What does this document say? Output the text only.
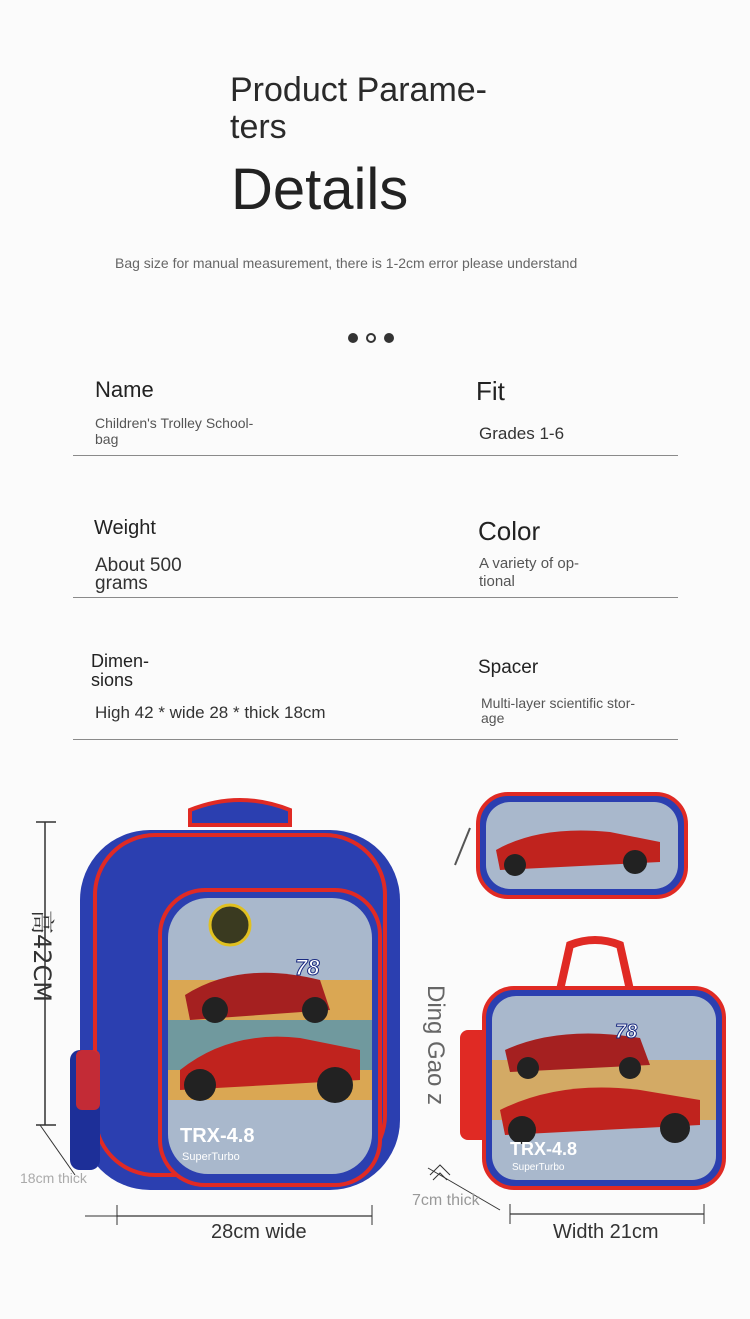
Product Parame-
ters
Details
Bag size for manual measurement, there is 1-2cm error please understand
Name
Children's Trolley School-
bag
Fit
Grades 1-6
Weight
About 500
grams
Color
A variety of op-
tional
Dimen-
sions
High 42 * wide 28 * thick 18cm
Spacer
Multi-layer scientific stor-
age
78
TRX-4.8
SuperTurbo
高42CM
78
TRX-4.8
SuperTurbo
Ding Gao z
18cm thick
28cm wide
7cm thick
Width 21cm
